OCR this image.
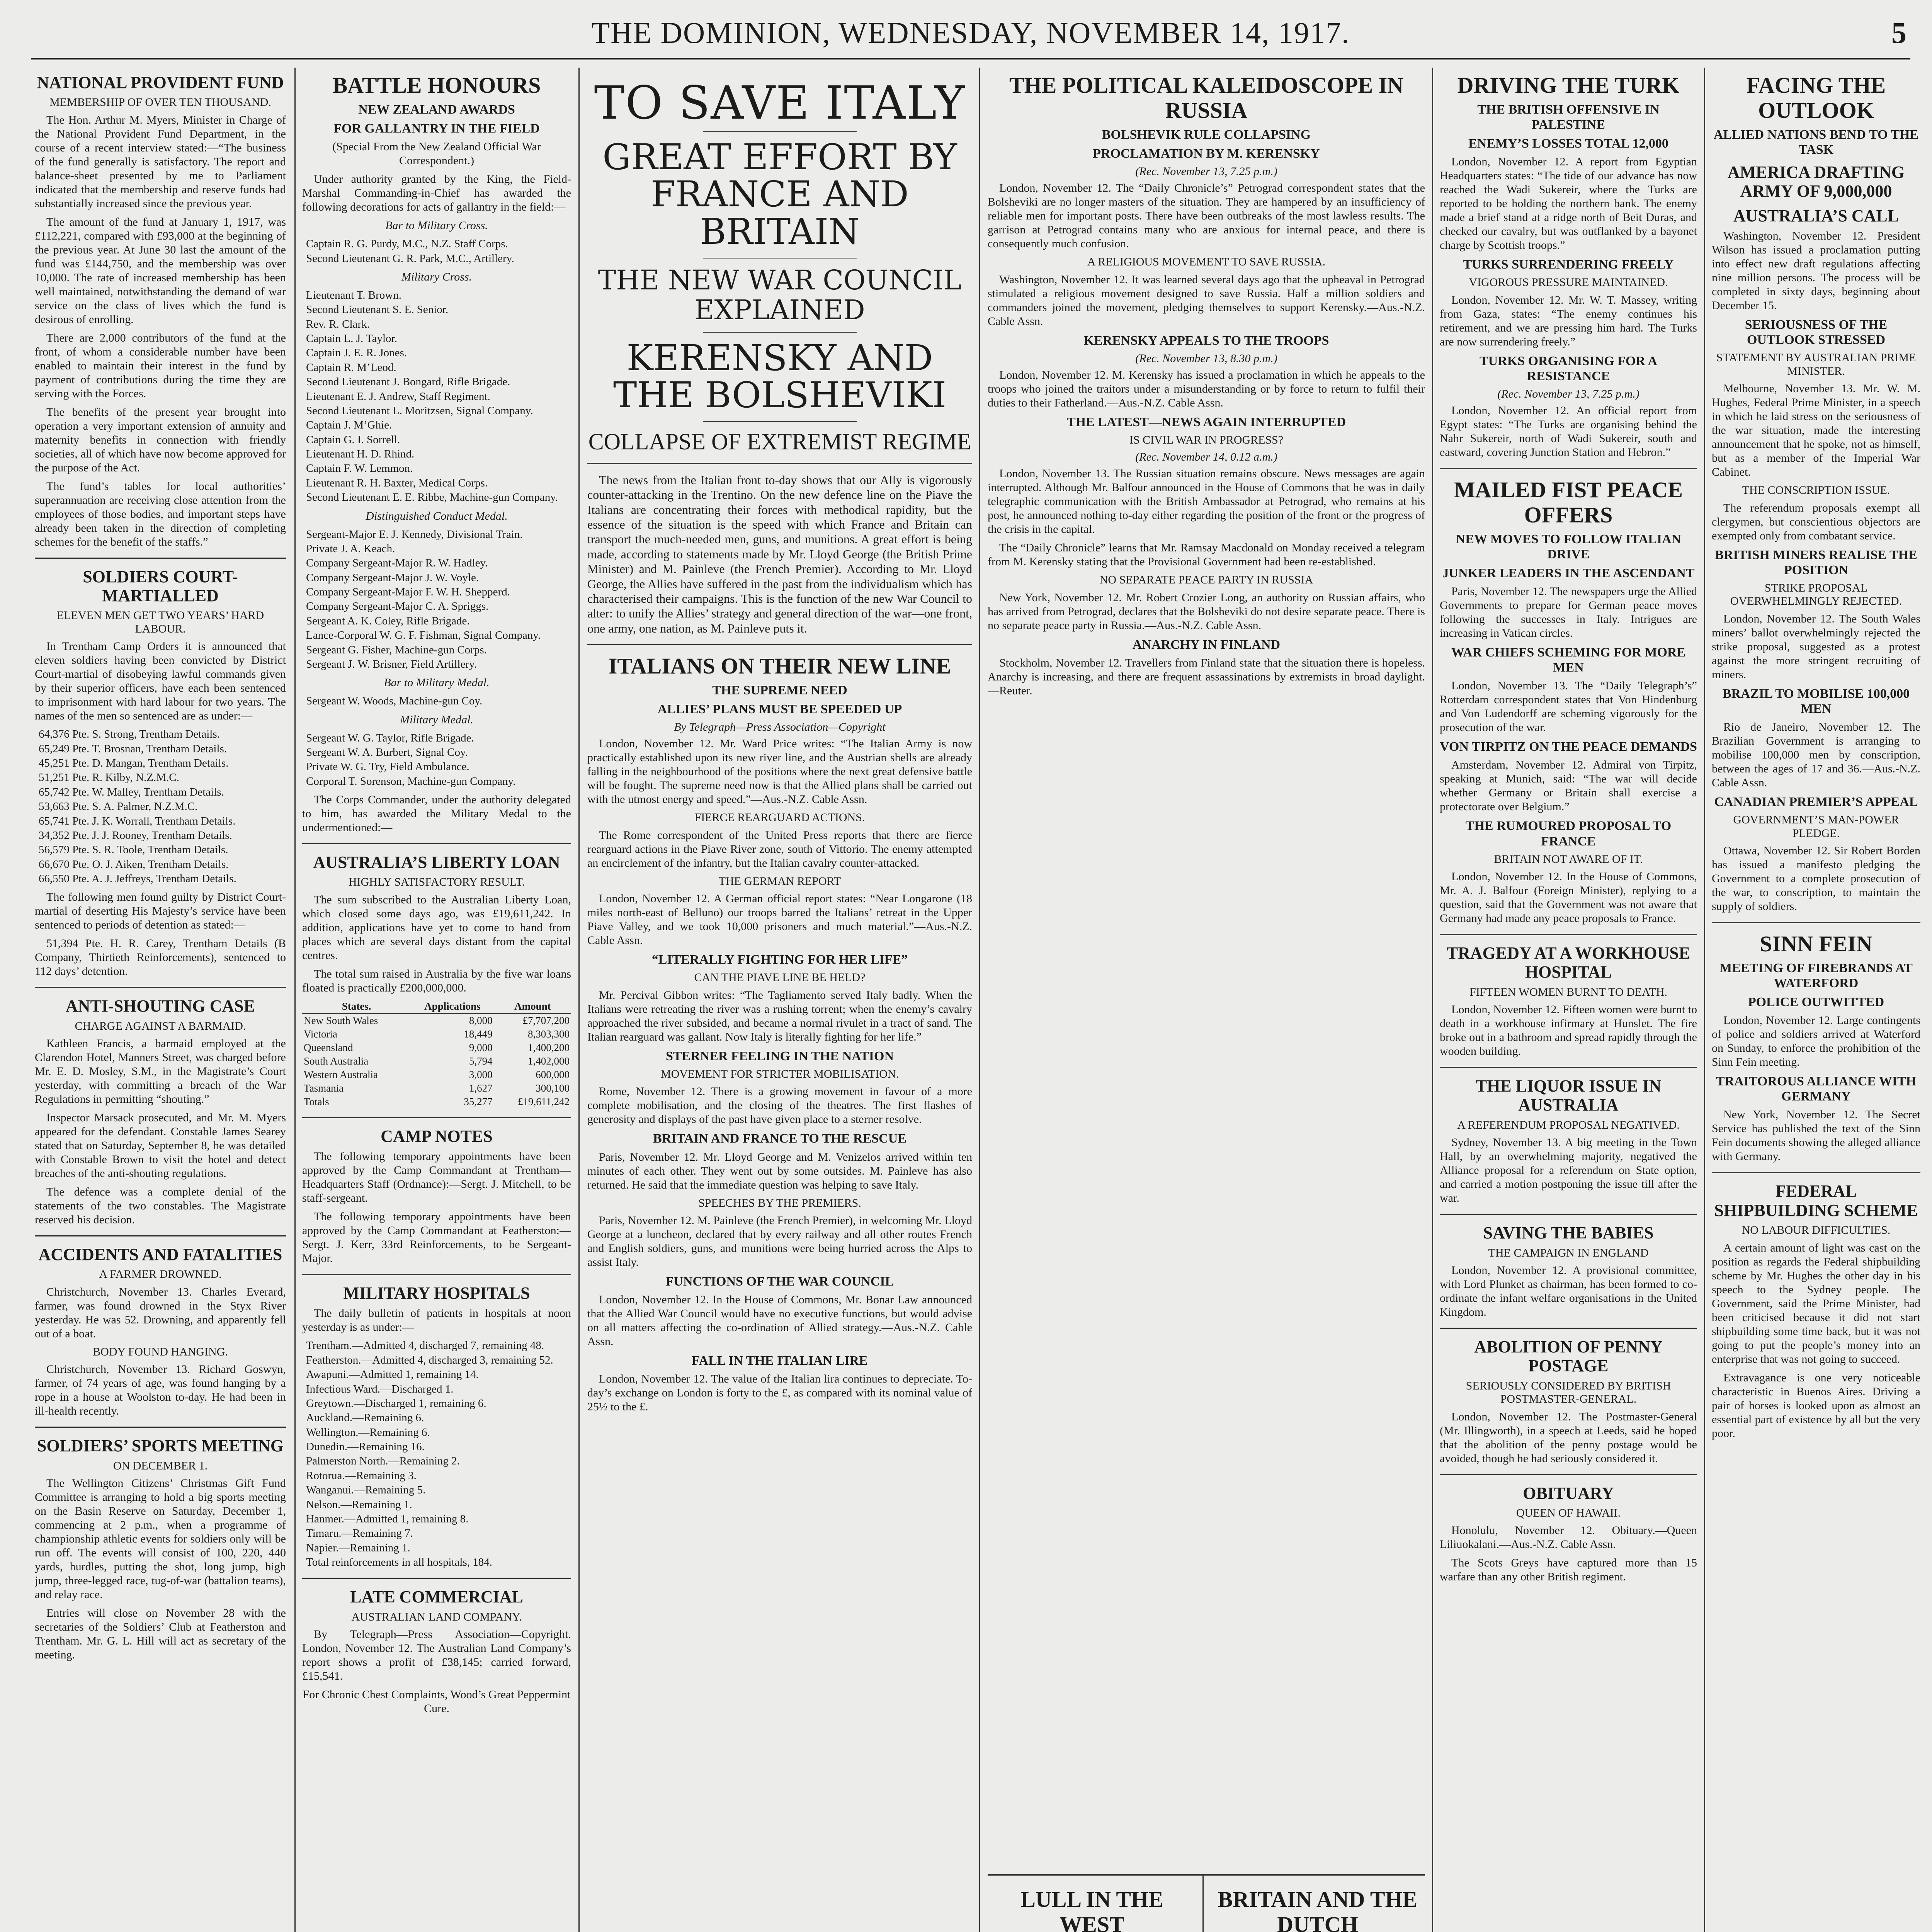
THE DOMINION, WEDNESDAY, NOVEMBER 14, 1917.	5
NATIONAL PROVIDENT FUND
MEMBERSHIP OF OVER TEN THOUSAND.

The Hon. Arthur M. Myers, Minister in Charge of the National Provident Fund Department, in the course of a recent interview stated:—“The business of the fund generally is satisfactory. The report and balance-sheet presented by me to Parliament indicated that the membership and reserve funds had substantially increased since the previous year.

The amount of the fund at January 1, 1917, was £112,221, compared with £93,000 at the beginning of the previous year. At June 30 last the amount of the fund was £144,750, and the membership was over 10,000. The rate of increased membership has been well maintained, notwithstanding the demand of war service on the class of lives which the fund is desirous of enrolling.

There are 2,000 contributors of the fund at the front, of whom a considerable number have been enabled to maintain their interest in the fund by payment of contributions during the time they are serving with the Forces.

The benefits of the present year brought into operation a very important extension of annuity and maternity benefits in connection with friendly societies, all of which have now become approved for the purpose of the Act.

The fund’s tables for local authorities’ superannuation are receiving close attention from the employees of those bodies, and important steps have already been taken in the direction of completing schemes for the benefit of the staffs.”

SOLDIERS COURT-MARTIALLED
ELEVEN MEN GET TWO YEARS’ HARD LABOUR.

In Trentham Camp Orders it is announced that eleven soldiers having been convicted by District Court-martial of disobeying lawful commands given by their superior officers, have each been sentenced to imprisonment with hard labour for two years. The names of the men so sentenced are as under:—

64,376 Pte. S. Strong, Trentham Details.
65,249 Pte. T. Brosnan, Trentham Details.
45,251 Pte. D. Mangan, Trentham Details.
51,251 Pte. R. Kilby, N.Z.M.C.
65,742 Pte. W. Malley, Trentham Details.
53,663 Pte. S. A. Palmer, N.Z.M.C.
65,741 Pte. J. K. Worrall, Trentham Details.
34,352 Pte. J. J. Rooney, Trentham Details.
56,579 Pte. S. R. Toole, Trentham Details.
66,670 Pte. O. J. Aiken, Trentham Details.
66,550 Pte. A. J. Jeffreys, Trentham Details.

The following men found guilty by District Court-martial of deserting His Majesty’s service have been sentenced to periods of detention as stated:—

51,394 Pte. H. R. Carey, Trentham Details (B Company, Thirtieth Reinforcements), sentenced to 112 days’ detention.

ANTI-SHOUTING CASE
CHARGE AGAINST A BARMAID.

Kathleen Francis, a barmaid employed at the Clarendon Hotel, Manners Street, was charged before Mr. E. D. Mosley, S.M., in the Magistrate’s Court yesterday, with committing a breach of the War Regulations in permitting “shouting.”

Inspector Marsack prosecuted, and Mr. M. Myers appeared for the defendant. Constable James Searey stated that on Saturday, September 8, he was detailed with Constable Brown to visit the hotel and detect breaches of the anti-shouting regulations.

The defence was a complete denial of the statements of the two constables. The Magistrate reserved his decision.

ACCIDENTS AND FATALITIES
A FARMER DROWNED.

Christchurch, November 13. Charles Everard, farmer, was found drowned in the Styx River yesterday. He was 52. Drowning, and apparently fell out of a boat.

BODY FOUND HANGING.

Christchurch, November 13. Richard Goswyn, farmer, of 74 years of age, was found hanging by a rope in a house at Woolston to-day. He had been in ill-health recently.

SOLDIERS’ SPORTS MEETING
ON DECEMBER 1.

The Wellington Citizens’ Christmas Gift Fund Committee is arranging to hold a big sports meeting on the Basin Reserve on Saturday, December 1, commencing at 2 p.m., when a programme of championship athletic events for soldiers only will be run off. The events will consist of 100, 220, 440 yards, hurdles, putting the shot, long jump, high jump, three-legged race, tug-of-war (battalion teams), and relay race.

Entries will close on November 28 with the secretaries of the Soldiers’ Club at Featherston and Trentham. Mr. G. L. Hill will act as secretary of the meeting.

BATTLE HONOURS
NEW ZEALAND AWARDS
FOR GALLANTRY IN THE FIELD

(Special From the New Zealand Official War Correspondent.)

Under authority granted by the King, the Field-Marshal Commanding-in-Chief has awarded the following decorations for acts of gallantry in the field:—

Bar to Military Cross.

Captain R. G. Purdy, M.C., N.Z. Staff Corps.
Second Lieutenant G. R. Park, M.C., Artillery.

Military Cross.

Lieutenant T. Brown.
Second Lieutenant S. E. Senior.
Rev. R. Clark.
Captain L. J. Taylor.
Captain J. E. R. Jones.
Captain R. M’Leod.
Second Lieutenant J. Bongard, Rifle Brigade.
Lieutenant E. J. Andrew, Staff Regiment.
Second Lieutenant L. Moritzsen, Signal Company.
Captain J. M’Ghie.
Captain G. I. Sorrell.
Lieutenant H. D. Rhind.
Captain F. W. Lemmon.
Lieutenant R. H. Baxter, Medical Corps.
Second Lieutenant E. E. Ribbe, Machine-gun Company.

Distinguished Conduct Medal.

Sergeant-Major E. J. Kennedy, Divisional Train.
Private J. A. Keach.
Company Sergeant-Major R. W. Hadley.
Company Sergeant-Major J. W. Voyle.
Company Sergeant-Major F. W. H. Shepperd.
Company Sergeant-Major C. A. Spriggs.
Sergeant A. K. Coley, Rifle Brigade.
Lance-Corporal W. G. F. Fishman, Signal Company.
Sergeant G. Fisher, Machine-gun Corps.
Sergeant J. W. Brisner, Field Artillery.

Bar to Military Medal.

Sergeant W. Woods, Machine-gun Coy.

Military Medal.

Sergeant W. G. Taylor, Rifle Brigade.
Sergeant W. A. Burbert, Signal Coy.
Private W. G. Try, Field Ambulance.
Corporal T. Sorenson, Machine-gun Company.

The Corps Commander, under the authority delegated to him, has awarded the Military Medal to the undermentioned:—

AUSTRALIA’S LIBERTY LOAN
HIGHLY SATISFACTORY RESULT.

The sum subscribed to the Australian Liberty Loan, which closed some days ago, was £19,611,242. In addition, applications have yet to come to hand from places which are several days distant from the capital centres.

The total sum raised in Australia by the five war loans floated is practically £200,000,000.

States.	Applications	Amount
New South Wales	8,000	£7,707,200
Victoria	18,449	8,303,300
Queensland	9,000	1,400,200
South Australia	5,794	1,402,000
Western Australia	3,000	600,000
Tasmania	1,627	300,100
Totals	35,277	£19,611,242
CAMP NOTES

The following temporary appointments have been approved by the Camp Commandant at Trentham—Headquarters Staff (Ordnance):—Sergt. J. Mitchell, to be staff-sergeant.

The following temporary appointments have been approved by the Camp Commandant at Featherston:—Sergt. J. Kerr, 33rd Reinforcements, to be Sergeant-Major.

MILITARY HOSPITALS

The daily bulletin of patients in hospitals at noon yesterday is as under:—

Trentham.—Admitted 4, discharged 7, remaining 48.
Featherston.—Admitted 4, discharged 3, remaining 52.
Awapuni.—Admitted 1, remaining 14.
Infectious Ward.—Discharged 1.
Greytown.—Discharged 1, remaining 6.
Auckland.—Remaining 6.
Wellington.—Remaining 6.
Dunedin.—Remaining 16.
Palmerston North.—Remaining 2.
Rotorua.—Remaining 3.
Wanganui.—Remaining 5.
Nelson.—Remaining 1.
Hanmer.—Admitted 1, remaining 8.
Timaru.—Remaining 7.
Napier.—Remaining 1.
Total reinforcements in all hospitals, 184.
LATE COMMERCIAL
AUSTRALIAN LAND COMPANY.

By Telegraph—Press Association—Copyright. London, November 12. The Australian Land Company’s report shows a profit of £38,145; carried forward, £15,541.

For Chronic Chest Complaints, Wood’s Great Peppermint Cure.

TO SAVE ITALY
GREAT EFFORT BY FRANCE AND BRITAIN
THE NEW WAR COUNCIL EXPLAINED
KERENSKY AND THE BOLSHEVIKI
COLLAPSE OF EXTREMIST REGIME

The news from the Italian front to-day shows that our Ally is vigorously counter-attacking in the Trentino. On the new defence line on the Piave the Italians are concentrating their forces with methodical rapidity, but the essence of the situation is the speed with which France and Britain can transport the much-needed men, guns, and munitions. A great effort is being made, according to statements made by Mr. Lloyd George (the British Prime Minister) and M. Painleve (the French Premier). According to Mr. Lloyd George, the Allies have suffered in the past from the individualism which has characterised their campaigns. This is the function of the new War Council to alter: to unify the Allies’ strategy and general direction of the war—one front, one army, one nation, as M. Painleve puts it.

ITALIANS ON THEIR NEW LINE
THE SUPREME NEED
ALLIES’ PLANS MUST BE SPEEDED UP
By Telegraph—Press Association—Copyright

London, November 12. Mr. Ward Price writes: “The Italian Army is now practically established upon its new river line, and the Austrian shells are already falling in the neighbourhood of the positions where the next great defensive battle will be fought. The supreme need now is that the Allied plans shall be carried out with the utmost energy and speed.”—Aus.-N.Z. Cable Assn.

FIERCE REARGUARD ACTIONS.

The Rome correspondent of the United Press reports that there are fierce rearguard actions in the Piave River zone, south of Vittorio. The enemy attempted an encirclement of the infantry, but the Italian cavalry counter-attacked.

THE GERMAN REPORT

London, November 12. A German official report states: “Near Longarone (18 miles north-east of Belluno) our troops barred the Italians’ retreat in the Upper Piave Valley, and we took 10,000 prisoners and much material.”—Aus.-N.Z. Cable Assn.

“LITERALLY FIGHTING FOR HER LIFE”
CAN THE PIAVE LINE BE HELD?

Mr. Percival Gibbon writes: “The Tagliamento served Italy badly. When the Italians were retreating the river was a rushing torrent; when the enemy’s cavalry approached the river subsided, and became a normal rivulet in a tract of sand. The Italian rearguard was gallant. Now Italy is literally fighting for her life.”

STERNER FEELING IN THE NATION
MOVEMENT FOR STRICTER MOBILISATION.

Rome, November 12. There is a growing movement in favour of a more complete mobilisation, and the closing of the theatres. The first flashes of generosity and displays of the past have given place to a sterner resolve.

BRITAIN AND FRANCE TO THE RESCUE

Paris, November 12. Mr. Lloyd George and M. Venizelos arrived within ten minutes of each other. They went out by some outsides. M. Painleve has also returned. He said that the immediate question was helping to save Italy.

SPEECHES BY THE PREMIERS.

Paris, November 12. M. Painleve (the French Premier), in welcoming Mr. Lloyd George at a luncheon, declared that by every railway and all other routes French and English soldiers, guns, and munitions were being hurried across the Alps to assist Italy.

FUNCTIONS OF THE WAR COUNCIL

London, November 12. In the House of Commons, Mr. Bonar Law announced that the Allied War Council would have no executive functions, but would advise on all matters affecting the co-ordination of Allied strategy.—Aus.-N.Z. Cable Assn.

FALL IN THE ITALIAN LIRE

London, November 12. The value of the Italian lira continues to depreciate. To-day’s exchange on London is forty to the £, as compared with its nominal value of 25½ to the £.

THE POLITICAL KALEIDOSCOPE IN RUSSIA
BOLSHEVIK RULE COLLAPSING
PROCLAMATION BY M. KERENSKY
(Rec. November 13, 7.25 p.m.)

London, November 12. The “Daily Chronicle’s” Petrograd correspondent states that the Bolsheviki are no longer masters of the situation. They are hampered by an insufficiency of reliable men for important posts. There have been outbreaks of the most lawless results. The garrison at Petrograd contains many who are anxious for internal peace, and there is consequently much confusion.

A RELIGIOUS MOVEMENT TO SAVE RUSSIA.

Washington, November 12. It was learned several days ago that the upheaval in Petrograd stimulated a religious movement designed to save Russia. Half a million soldiers and commanders joined the movement, pledging themselves to support Kerensky.—Aus.-N.Z. Cable Assn.

KERENSKY APPEALS TO THE TROOPS
(Rec. November 13, 8.30 p.m.)

London, November 12. M. Kerensky has issued a proclamation in which he appeals to the troops who joined the traitors under a misunderstanding or by force to return to fulfil their duties to their Fatherland.—Aus.-N.Z. Cable Assn.

THE LATEST—NEWS AGAIN INTERRUPTED
IS CIVIL WAR IN PROGRESS?
(Rec. November 14, 0.12 a.m.)

London, November 13. The Russian situation remains obscure. News messages are again interrupted. Although Mr. Balfour announced in the House of Commons that he was in daily telegraphic communication with the British Ambassador at Petrograd, who remains at his post, he announced nothing to-day either regarding the position of the front or the progress of the crisis in the capital.

The “Daily Chronicle” learns that Mr. Ramsay Macdonald on Monday received a telegram from M. Kerensky stating that the Provisional Government had been re-established.

NO SEPARATE PEACE PARTY IN RUSSIA

New York, November 12. Mr. Robert Crozier Long, an authority on Russian affairs, who has arrived from Petrograd, declares that the Bolsheviki do not desire separate peace. There is no separate peace party in Russia.—Aus.-N.Z. Cable Assn.

ANARCHY IN FINLAND

Stockholm, November 12. Travellers from Finland state that the situation there is hopeless. Anarchy is increasing, and there are frequent assassinations by extremists in broad daylight.—Reuter.

LULL IN THE WEST

BRITAIN AND THE DUTCH

DRIVING THE TURK
THE BRITISH OFFENSIVE IN PALESTINE
ENEMY’S LOSSES TOTAL 12,000

London, November 12. A report from Egyptian Headquarters states: “The tide of our advance has now reached the Wadi Sukereir, where the Turks are reported to be holding the northern bank. The enemy made a brief stand at a ridge north of Beit Duras, and checked our cavalry, but was outflanked by a bayonet charge by Scottish troops.”

TURKS SURRENDERING FREELY
VIGOROUS PRESSURE MAINTAINED.

London, November 12. Mr. W. T. Massey, writing from Gaza, states: “The enemy continues his retirement, and we are pressing him hard. The Turks are now surrendering freely.”

TURKS ORGANISING FOR A RESISTANCE
(Rec. November 13, 7.25 p.m.)

London, November 12. An official report from Egypt states: “The Turks are organising behind the Nahr Sukereir, north of Wadi Sukereir, south and eastward, covering Junction Station and Hebron.”

MAILED FIST PEACE OFFERS
NEW MOVES TO FOLLOW ITALIAN DRIVE
JUNKER LEADERS IN THE ASCENDANT

Paris, November 12. The newspapers urge the Allied Governments to prepare for German peace moves following the successes in Italy. Intrigues are increasing in Vatican circles.

WAR CHIEFS SCHEMING FOR MORE MEN

London, November 13. The “Daily Telegraph’s” Rotterdam correspondent states that Von Hindenburg and Von Ludendorff are scheming vigorously for the prosecution of the war.

VON TIRPITZ ON THE PEACE DEMANDS

Amsterdam, November 12. Admiral von Tirpitz, speaking at Munich, said: “The war will decide whether Germany or Britain shall exercise a protectorate over Belgium.”

THE RUMOURED PROPOSAL TO FRANCE
BRITAIN NOT AWARE OF IT.

London, November 12. In the House of Commons, Mr. A. J. Balfour (Foreign Minister), replying to a question, said that the Government was not aware that Germany had made any peace proposals to France.

TRAGEDY AT A WORKHOUSE HOSPITAL
FIFTEEN WOMEN BURNT TO DEATH.

London, November 12. Fifteen women were burnt to death in a workhouse infirmary at Hunslet. The fire broke out in a bathroom and spread rapidly through the wooden building.

THE LIQUOR ISSUE IN AUSTRALIA
A REFERENDUM PROPOSAL NEGATIVED.

Sydney, November 13. A big meeting in the Town Hall, by an overwhelming majority, negatived the Alliance proposal for a referendum on State option, and carried a motion postponing the issue till after the war.

SAVING THE BABIES
THE CAMPAIGN IN ENGLAND

London, November 12. A provisional committee, with Lord Plunket as chairman, has been formed to co-ordinate the infant welfare organisations in the United Kingdom.

ABOLITION OF PENNY POSTAGE
SERIOUSLY CONSIDERED BY BRITISH POSTMASTER-GENERAL.

London, November 12. The Postmaster-General (Mr. Illingworth), in a speech at Leeds, said he hoped that the abolition of the penny postage would be avoided, though he had seriously considered it.

OBITUARY
QUEEN OF HAWAII.

Honolulu, November 12. Obituary.—Queen Liliuokalani.—Aus.-N.Z. Cable Assn.

The Scots Greys have captured more than 15 warfare than any other British regiment.

FACING THE OUTLOOK
ALLIED NATIONS BEND TO THE TASK
AMERICA DRAFTING ARMY OF 9,000,000
AUSTRALIA’S CALL

Washington, November 12. President Wilson has issued a proclamation putting into effect new draft regulations affecting nine million persons. The process will be completed in sixty days, beginning about December 15.

SERIOUSNESS OF THE OUTLOOK STRESSED
STATEMENT BY AUSTRALIAN PRIME MINISTER.

Melbourne, November 13. Mr. W. M. Hughes, Federal Prime Minister, in a speech in which he laid stress on the seriousness of the war situation, made the interesting announcement that he spoke, not as himself, but as a member of the Imperial War Cabinet.

THE CONSCRIPTION ISSUE.

The referendum proposals exempt all clergymen, but conscientious objectors are exempted only from combatant service.

BRITISH MINERS REALISE THE POSITION
STRIKE PROPOSAL OVERWHELMINGLY REJECTED.

London, November 12. The South Wales miners’ ballot overwhelmingly rejected the strike proposal, suggested as a protest against the more stringent recruiting of miners.

BRAZIL TO MOBILISE 100,000 MEN

Rio de Janeiro, November 12. The Brazilian Government is arranging to mobilise 100,000 men by conscription, between the ages of 17 and 36.—Aus.-N.Z. Cable Assn.

CANADIAN PREMIER’S APPEAL
GOVERNMENT’S MAN-POWER PLEDGE.

Ottawa, November 12. Sir Robert Borden has issued a manifesto pledging the Government to a complete prosecution of the war, to conscription, to maintain the supply of soldiers.

SINN FEIN
MEETING OF FIREBRANDS AT WATERFORD
POLICE OUTWITTED

London, November 12. Large contingents of police and soldiers arrived at Waterford on Sunday, to enforce the prohibition of the Sinn Fein meeting.

TRAITOROUS ALLIANCE WITH GERMANY

New York, November 12. The Secret Service has published the text of the Sinn Fein documents showing the alleged alliance with Germany.

FEDERAL SHIPBUILDING SCHEME
NO LABOUR DIFFICULTIES.

A certain amount of light was cast on the position as regards the Federal shipbuilding scheme by Mr. Hughes the other day in his speech to the Sydney people. The Government, said the Prime Minister, had been criticised because it did not start shipbuilding some time back, but it was not going to put the people’s money into an enterprise that was not going to succeed.

Extravagance is one very noticeable characteristic in Buenos Aires. Driving a pair of horses is looked upon as almost an essential part of existence by all but the very poor.
